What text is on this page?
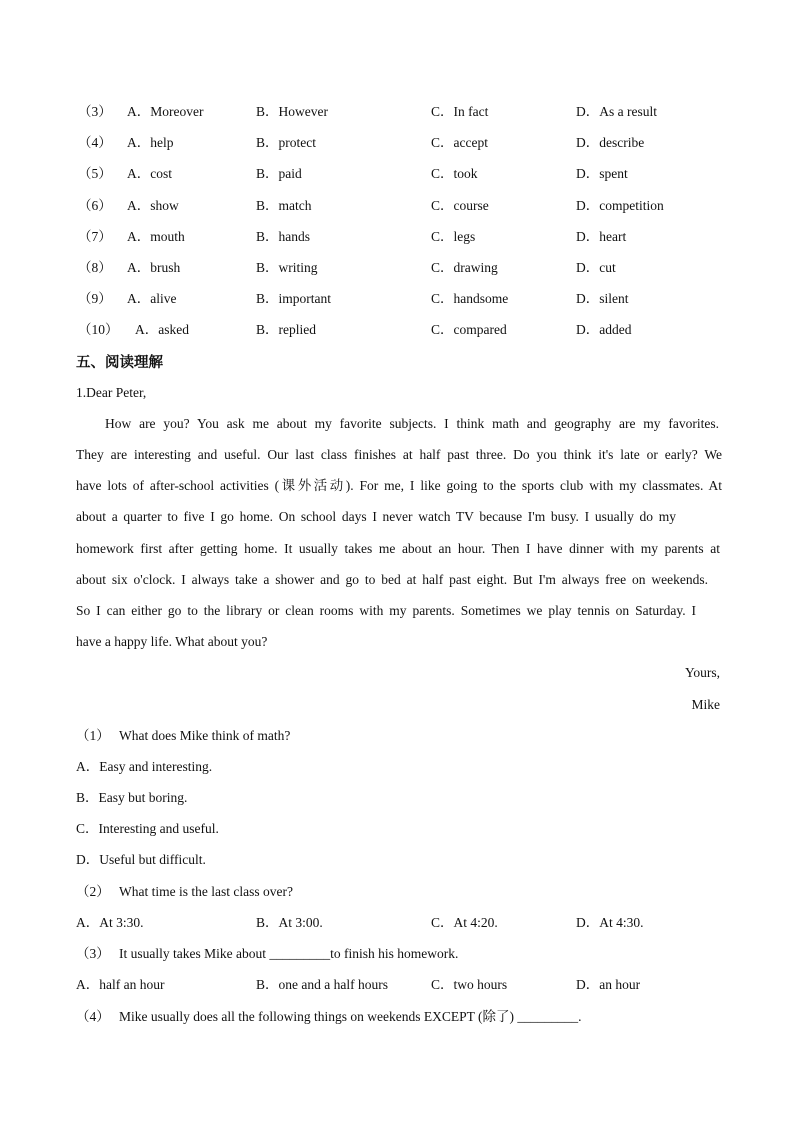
（3） A．Moreover	B．However	C．In fact	D．As a result
（4） A．help	B．protect	C．accept	D．describe
（5） A．cost	B．paid	C．took	D．spent
（6） A．show	B．match	C．course	D．competition
（7） A．mouth	B．hands	C．legs	D．heart
（8） A．brush	B．writing	C．drawing	D．cut
（9） A．alive	B．important	C．handsome	D．silent
（10） A．asked	B．replied	C．compared	D．added
五、阅读理解
1.Dear Peter,
How are you? You ask me about my favorite subjects. I think math and geography are my favorites.
They are interesting and useful. Our last class finishes at half past three. Do you think it's late or early? We
have lots of after-school activities (课外活动). For me, I like going to the sports club with my classmates. At
about a quarter to five I go home. On school days I never watch TV because I'm busy. I usually do my
homework first after getting home. It usually takes me about an hour. Then I have dinner with my parents at
about six o'clock. I always take a shower and go to bed at half past eight. But I'm always free on weekends.
So I can either go to the library or clean rooms with my parents. Sometimes we play tennis on Saturday. I
have a happy life. What about you?
Yours,
Mike
（1） What does Mike think of math?
A．Easy and interesting.
B．Easy but boring.
C．Interesting and useful.
D．Useful but difficult.
（2） What time is the last class over?
A．At 3:30.	B．At 3:00.	C．At 4:20.	D．At 4:30.
（3） It usually takes Mike about _________to finish his homework.
A．half an hour	B．one and a half hours	C．two hours	D．an hour
（4） Mike usually does all the following things on weekends EXCEPT (除了) _________.
